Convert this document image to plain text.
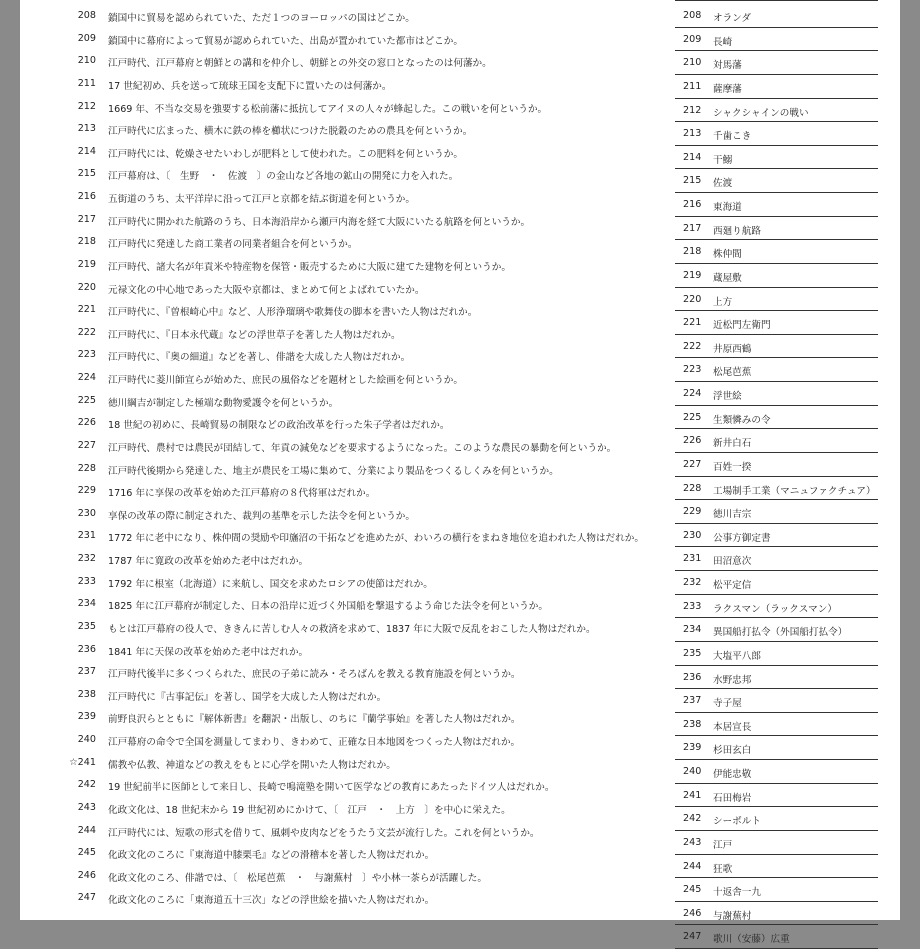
208 鎖国中に貿易を認められていた、ただ１つのヨーロッパの国はどこか。
209 鎖国中に幕府によって貿易が認められていた、出島が置かれていた都市はどこか。
210 江戸時代、江戸幕府と朝鮮との講和を仲介し、朝鮮との外交の窓口となったのは何藩か。
211 17 世紀初め、兵を送って琉球王国を支配下に置いたのは何藩か。
212 1669 年、不当な交易を強要する松前藩に抵抗してアイヌの人々が蜂起した。この戦いを何というか。
213 江戸時代に広まった、横木に鉄の棒を櫛状につけた脱穀のための農具を何というか。
214 江戸時代には、乾燥させたいわしが肥料として使われた。この肥料を何というか。
215 江戸幕府は、〔　生野　・　佐渡　〕の金山など各地の鉱山の開発に力を入れた。
216 五街道のうち、太平洋岸に沿って江戸と京都を結ぶ街道を何というか。
217 江戸時代に開かれた航路のうち、日本海沿岸から瀬戸内海を経て大阪にいたる航路を何というか。
218 江戸時代に発達した商工業者の同業者組合を何というか。
219 江戸時代、諸大名が年貢米や特産物を保管・販売するために大阪に建てた建物を何というか。
220 元禄文化の中心地であった大阪や京都は、まとめて何とよばれていたか。
221 江戸時代に、『曽根崎心中』など、人形浄瑠璃や歌舞伎の脚本を書いた人物はだれか。
222 江戸時代に、『日本永代蔵』などの浮世草子を著した人物はだれか。
223 江戸時代に、『奥の細道』などを著し、俳諧を大成した人物はだれか。
224 江戸時代に菱川師宣らが始めた、庶民の風俗などを題材とした絵画を何というか。
225 徳川綱吉が制定した極端な動物愛護令を何というか。
226 18 世紀の初めに、長崎貿易の制限などの政治改革を行った朱子学者はだれか。
227 江戸時代、農村では農民が団結して、年貢の減免などを要求するようになった。このような農民の暴動を何というか。
228 江戸時代後期から発達した、地主が農民を工場に集めて、分業により製品をつくるしくみを何というか。
229 1716 年に享保の改革を始めた江戸幕府の８代将軍はだれか。
230 享保の改革の際に制定された、裁判の基準を示した法令を何というか。
231 1772 年に老中になり、株仲間の奨励や印旛沼の干拓などを進めたが、わいろの横行をまねき地位を追われた人物はだれか。
232 1787 年に寛政の改革を始めた老中はだれか。
233 1792 年に根室（北海道）に来航し、国交を求めたロシアの使節はだれか。
234 1825 年に江戸幕府が制定した、日本の沿岸に近づく外国船を撃退するよう命じた法令を何というか。
235 もとは江戸幕府の役人で、ききんに苦しむ人々の救済を求めて、1837 年に大阪で反乱をおこした人物はだれか。
236 1841 年に天保の改革を始めた老中はだれか。
237 江戸時代後半に多くつくられた、庶民の子弟に読み・そろばんを教える教育施設を何というか。
238 江戸時代に『古事記伝』を著し、国学を大成した人物はだれか。
239 前野良沢らとともに『解体新書』を翻訳・出版し、のちに『蘭学事始』を著した人物はだれか。
240 江戸幕府の命令で全国を測量してまわり、きわめて、正確な日本地図をつくった人物はだれか。
☆241 儒教や仏教、神道などの教えをもとに心学を開いた人物はだれか。
242 19 世紀前半に医師として来日し、長崎で鳴滝塾を開いて医学などの教育にあたったドイツ人はだれか。
243 化政文化は、18 世紀末から 19 世紀初めにかけて、〔　江戸　・　上方　〕を中心に栄えた。
244 江戸時代には、短歌の形式を借りて、風刺や皮肉などをうたう文芸が流行した。これを何というか。
245 化政文化のころに『東海道中膝栗毛』などの滑稽本を著した人物はだれか。
246 化政文化のころ、俳諧では、〔　松尾芭蕉　・　与謝蕪村　〕や小林一茶らが活躍した。
247 化政文化のころに「東海道五十三次」などの浮世絵を描いた人物はだれか。
208 オランダ
209 長崎
210 対馬藩
211 薩摩藩
212 シャクシャインの戦い
213 千歯こき
214 干鰯
215 佐渡
216 東海道
217 西廻り航路
218 株仲間
219 蔵屋敷
220 上方
221 近松門左衛門
222 井原西鶴
223 松尾芭蕉
224 浮世絵
225 生類憐みの令
226 新井白石
227 百姓一揆
228 工場制手工業（マニュファクチュア）
229 徳川吉宗
230 公事方御定書
231 田沼意次
232 松平定信
233 ラクスマン（ラックスマン）
234 異国船打払令（外国船打払令）
235 大塩平八郎
236 水野忠邦
237 寺子屋
238 本居宣長
239 杉田玄白
240 伊能忠敬
241 石田梅岩
242 シーボルト
243 江戸
244 狂歌
245 十返舎一九
246 与謝蕪村
247 歌川（安藤）広重
